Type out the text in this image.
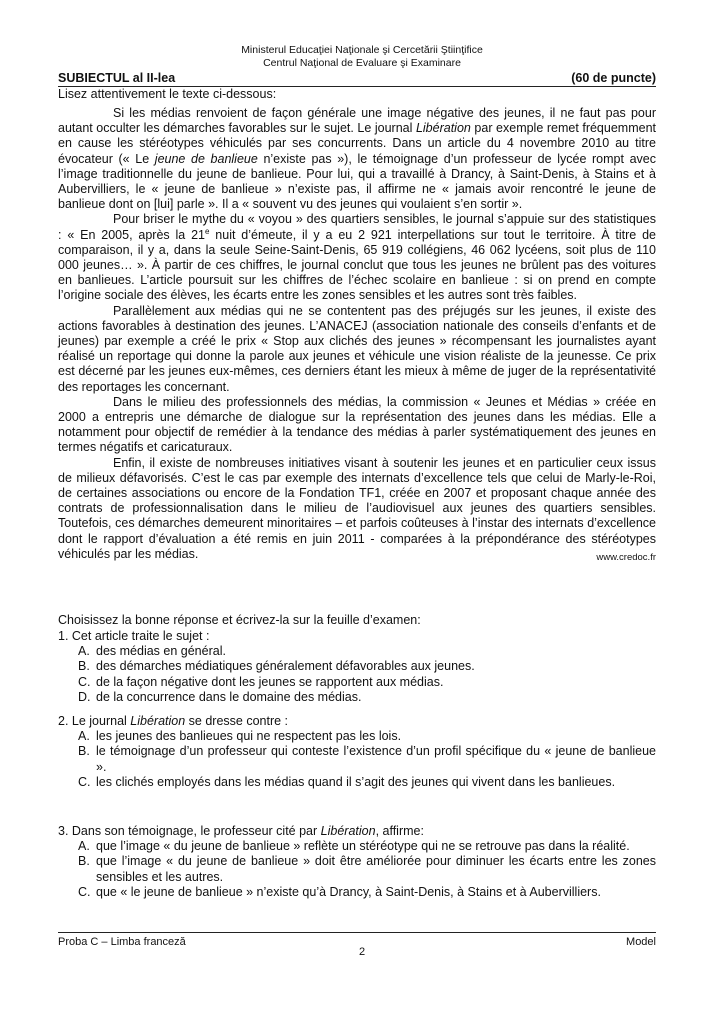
Ministerul Educaţiei Naţionale şi Cercetării Ştiinţifice
Centrul Naţional de Evaluare şi Examinare
SUBIECTUL al II-lea	(60 de puncte)
Lisez attentivement le texte ci-dessous:

Si les médias renvoient de façon générale une image négative des jeunes, il ne faut pas pour autant occulter les démarches favorables sur le sujet. Le journal Libération par exemple remet fréquemment en cause les stéréotypes véhiculés par ses concurrents. Dans un article du 4 novembre 2010 au titre évocateur (« Le jeune de banlieue n’existe pas »), le témoignage d’un professeur de lycée rompt avec l’image traditionnelle du jeune de banlieue. Pour lui, qui a travaillé à Drancy, à Saint-Denis, à Stains et à Aubervilliers, le « jeune de banlieue » n’existe pas, il affirme ne « jamais avoir rencontré le jeune de banlieue dont on [lui] parle ». Il a « souvent vu des jeunes qui voulaient s’en sortir ».

Pour briser le mythe du « voyou » des quartiers sensibles, le journal s’appuie sur des statistiques : « En 2005, après la 21e nuit d’émeute, il y a eu 2 921 interpellations sur tout le territoire. À titre de comparaison, il y a, dans la seule Seine-Saint-Denis, 65 919 collégiens, 46 062 lycéens, soit plus de 110 000 jeunes… ». À partir de ces chiffres, le journal conclut que tous les jeunes ne brûlent pas des voitures en banlieues. L’article poursuit sur les chiffres de l’échec scolaire en banlieue : si on prend en compte l’origine sociale des élèves, les écarts entre les zones sensibles et les autres sont très faibles.

Parallèlement aux médias qui ne se contentent pas des préjugés sur les jeunes, il existe des actions favorables à destination des jeunes. L’ANACEJ (association nationale des conseils d’enfants et de jeunes) par exemple a créé le prix « Stop aux clichés des jeunes » récompensant les journalistes ayant réalisé un reportage qui donne la parole aux jeunes et véhicule une vision réaliste de la jeunesse. Ce prix est décerné par les jeunes eux-mêmes, ces derniers étant les mieux à même de juger de la représentativité des reportages les concernant.

Dans le milieu des professionnels des médias, la commission « Jeunes et Médias » créée en 2000 a entrepris une démarche de dialogue sur la représentation des jeunes dans les médias. Elle a notamment pour objectif de remédier à la tendance des médias à parler systématiquement des jeunes en termes négatifs et caricaturaux.

Enfin, il existe de nombreuses initiatives visant à soutenir les jeunes et en particulier ceux issus de milieux défavorisés. C’est le cas par exemple des internats d’excellence tels que celui de Marly-le-Roi, de certaines associations ou encore de la Fondation TF1, créée en 2007 et proposant chaque année des contrats de professionnalisation dans le milieu de l’audiovisuel aux jeunes des quartiers sensibles. Toutefois, ces démarches demeurent minoritaires – et parfois coûteuses à l’instar des internats d’excellence dont le rapport d’évaluation a été remis en juin 2011 - comparées à la prépondérance des stéréotypes véhiculés par les médias.	www.credoc.fr

Choisissez la bonne réponse et écrivez-la sur la feuille d’examen:
1. Cet article traite le sujet :
A. des médias en général.
B. des démarches médiatiques généralement défavorables aux jeunes.
C. de la façon négative dont les jeunes se rapportent aux médias.
D. de la concurrence dans le domaine des médias.
2. Le journal Libération se dresse contre :
A. les jeunes des banlieues qui ne respectent pas les lois.
B. le témoignage d’un professeur qui conteste l’existence d’un profil spécifique du « jeune de banlieue ».
C. les clichés employés dans les médias quand il s’agit des jeunes qui vivent dans les banlieues.
3. Dans son témoignage, le professeur cité par Libération, affirme:
A. que l’image « du jeune de banlieue » reflète un stéréotype qui ne se retrouve pas dans la réalité.
B. que l’image « du jeune de banlieue » doit être améliorée pour diminuer les écarts entre les zones sensibles et les autres.
C. que « le jeune de banlieue » n’existe qu’à Drancy, à Saint-Denis, à Stains et à Aubervilliers.
Proba C – Limba franceză	Model
2
